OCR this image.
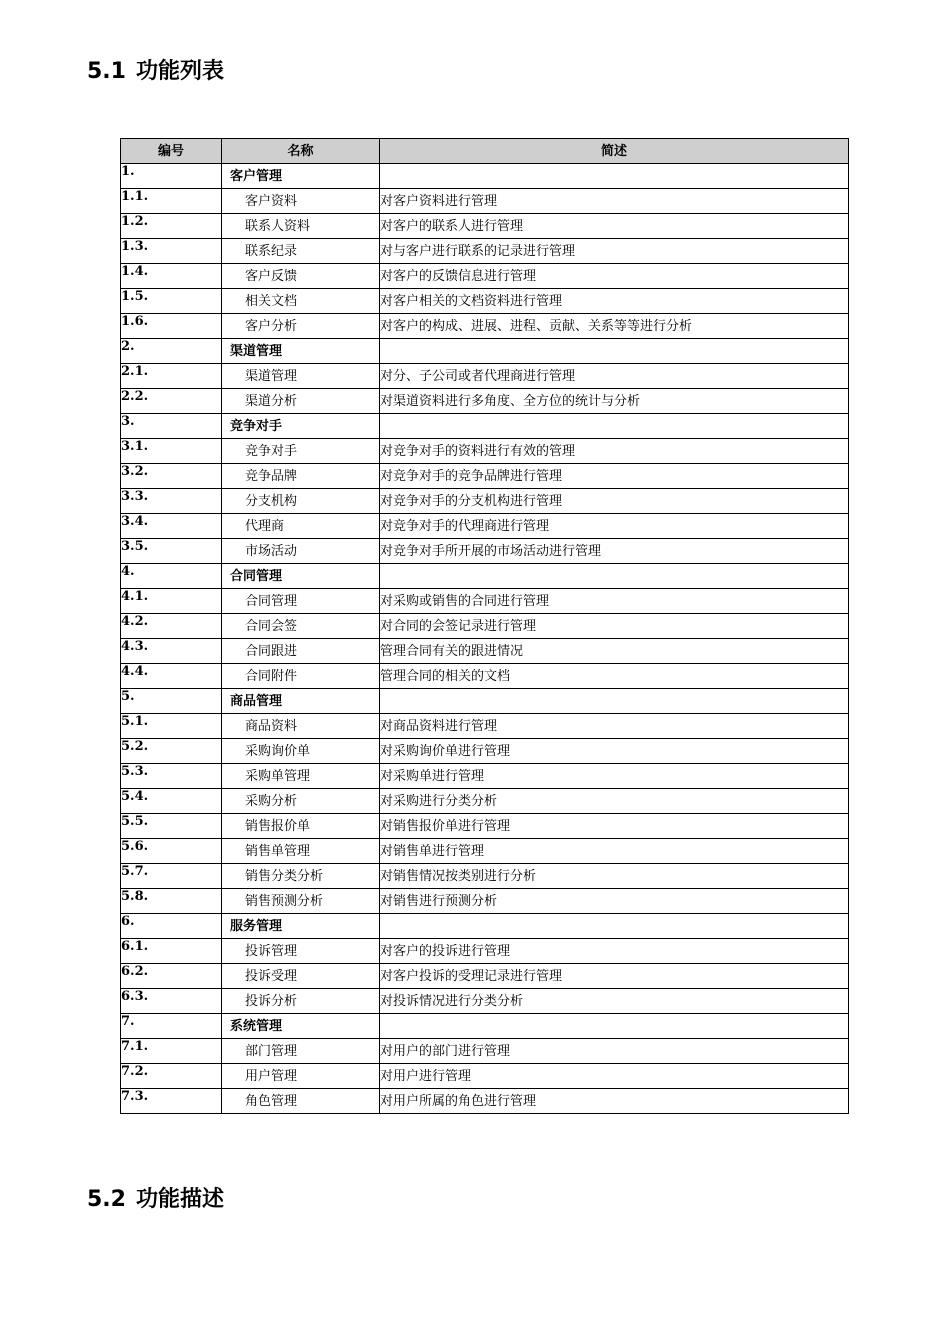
5.1 功能列表
编号	名称	简述
1.	客户管理	
1.1.	客户资料	对客户资料进行管理
1.2.	联系人资料	对客户的联系人进行管理
1.3.	联系纪录	对与客户进行联系的记录进行管理
1.4.	客户反馈	对客户的反馈信息进行管理
1.5.	相关文档	对客户相关的文档资料进行管理
1.6.	客户分析	对客户的构成、进展、进程、贡献、关系等等进行分析
2.	渠道管理	
2.1.	渠道管理	对分、子公司或者代理商进行管理
2.2.	渠道分析	对渠道资料进行多角度、全方位的统计与分析
3.	竞争对手	
3.1.	竞争对手	对竞争对手的资料进行有效的管理
3.2.	竞争品牌	对竞争对手的竞争品牌进行管理
3.3.	分支机构	对竞争对手的分支机构进行管理
3.4.	代理商	对竞争对手的代理商进行管理
3.5.	市场活动	对竞争对手所开展的市场活动进行管理
4.	合同管理	
4.1.	合同管理	对采购或销售的合同进行管理
4.2.	合同会签	对合同的会签记录进行管理
4.3.	合同跟进	管理合同有关的跟进情况
4.4.	合同附件	管理合同的相关的文档
5.	商品管理	
5.1.	商品资料	对商品资料进行管理
5.2.	采购询价单	对采购询价单进行管理
5.3.	采购单管理	对采购单进行管理
5.4.	采购分析	对采购进行分类分析
5.5.	销售报价单	对销售报价单进行管理
5.6.	销售单管理	对销售单进行管理
5.7.	销售分类分析	对销售情况按类别进行分析
5.8.	销售预测分析	对销售进行预测分析
6.	服务管理	
6.1.	投诉管理	对客户的投诉进行管理
6.2.	投诉受理	对客户投诉的受理记录进行管理
6.3.	投诉分析	对投诉情况进行分类分析
7.	系统管理	
7.1.	部门管理	对用户的部门进行管理
7.2.	用户管理	对用户进行管理
7.3.	角色管理	对用户所属的角色进行管理
5.2 功能描述
